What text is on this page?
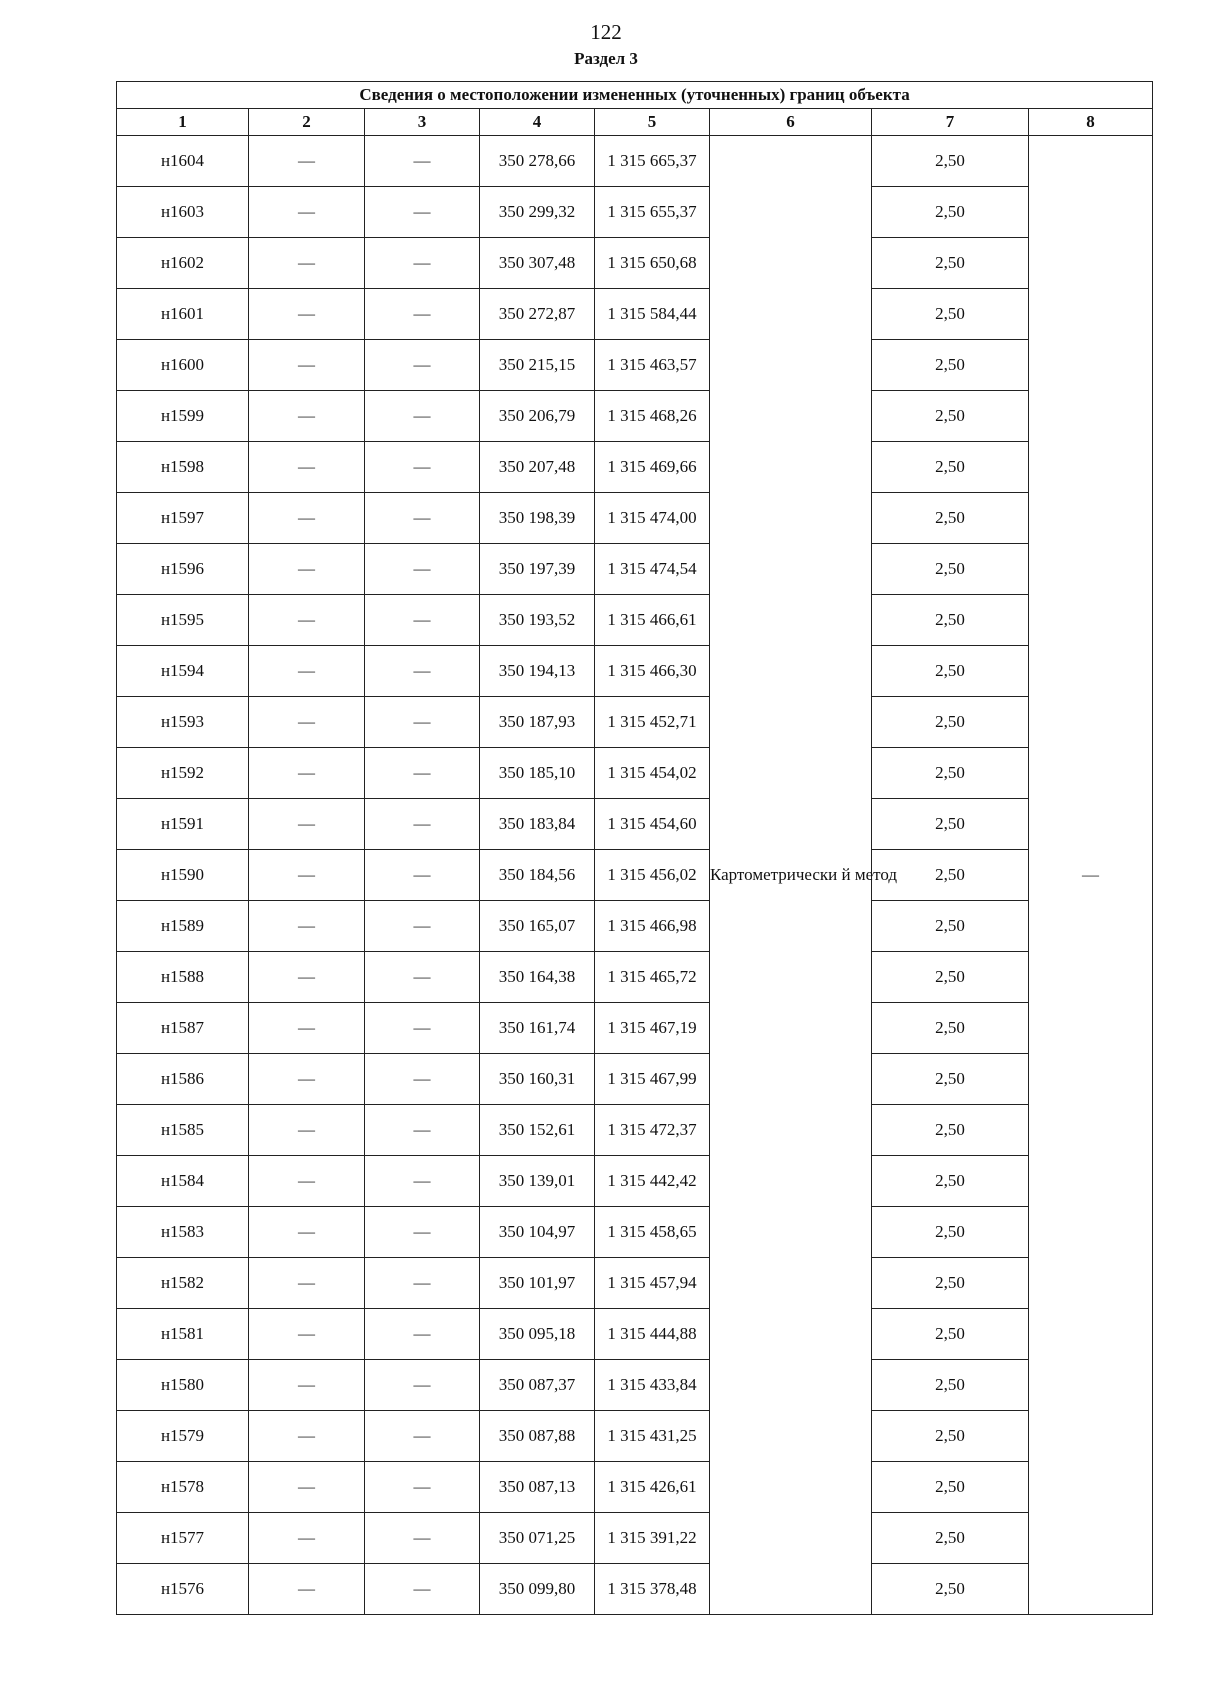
122
Раздел 3
Сведения о местоположении измененных (уточненных) границ объекта							
1	2	3	4	5	6	7	8
н1604	—	—	350 278,66	1 315 665,37	Картометрически й метод	2,50	—
н1603	—	—	350 299,32	1 315 655,37		2,50	
н1602	—	—	350 307,48	1 315 650,68		2,50	
н1601	—	—	350 272,87	1 315 584,44		2,50	
н1600	—	—	350 215,15	1 315 463,57		2,50	
н1599	—	—	350 206,79	1 315 468,26		2,50	
н1598	—	—	350 207,48	1 315 469,66		2,50	
н1597	—	—	350 198,39	1 315 474,00		2,50	
н1596	—	—	350 197,39	1 315 474,54		2,50	
н1595	—	—	350 193,52	1 315 466,61		2,50	
н1594	—	—	350 194,13	1 315 466,30		2,50	
н1593	—	—	350 187,93	1 315 452,71		2,50	
н1592	—	—	350 185,10	1 315 454,02		2,50	
н1591	—	—	350 183,84	1 315 454,60		2,50	
н1590	—	—	350 184,56	1 315 456,02		2,50	
н1589	—	—	350 165,07	1 315 466,98		2,50	
н1588	—	—	350 164,38	1 315 465,72		2,50	
н1587	—	—	350 161,74	1 315 467,19		2,50	
н1586	—	—	350 160,31	1 315 467,99		2,50	
н1585	—	—	350 152,61	1 315 472,37		2,50	
н1584	—	—	350 139,01	1 315 442,42		2,50	
н1583	—	—	350 104,97	1 315 458,65		2,50	
н1582	—	—	350 101,97	1 315 457,94		2,50	
н1581	—	—	350 095,18	1 315 444,88		2,50	
н1580	—	—	350 087,37	1 315 433,84		2,50	
н1579	—	—	350 087,88	1 315 431,25		2,50	
н1578	—	—	350 087,13	1 315 426,61		2,50	
н1577	—	—	350 071,25	1 315 391,22		2,50	
н1576	—	—	350 099,80	1 315 378,48		2,50	
